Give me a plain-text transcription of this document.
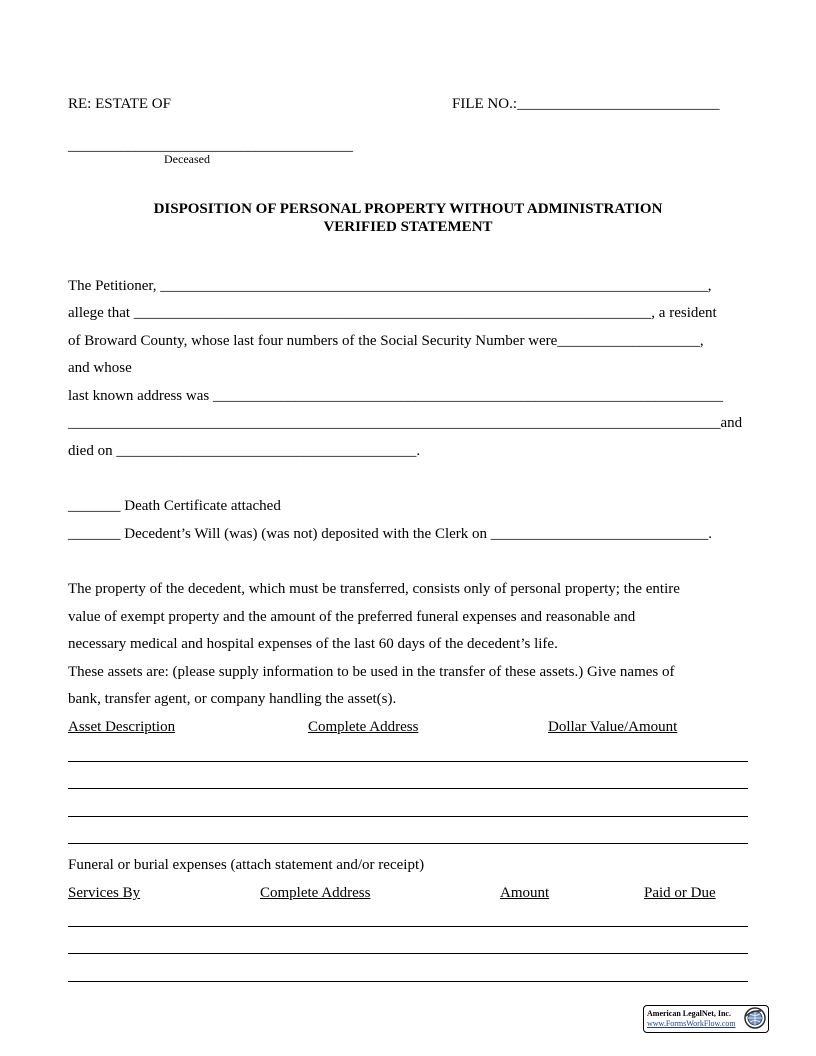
RE: ESTATE OF	FILE NO.:___________________________
______________________________________
Deceased
DISPOSITION OF PERSONAL PROPERTY WITHOUT ADMINISTRATION
VERIFIED STATEMENT
The Petitioner, _________________________________________________________________________,
allege that _____________________________________________________________________, a resident
of Broward County, whose last four numbers of the Social Security Number were___________________,
and whose
last known address was ____________________________________________________________________
_______________________________________________________________________________________and
died on ________________________________________.
_______ Death Certificate attached
_______ Decedent’s Will (was) (was not) deposited with the Clerk on _____________________________.
The property of the decedent, which must be transferred, consists only of personal property; the entire
value of exempt property and the amount of the preferred funeral expenses and reasonable and
necessary medical and hospital expenses of the last 60 days of the decedent’s life.
These assets are: (please supply information to be used in the transfer of these assets.) Give names of
bank, transfer agent, or company handling the asset(s).
Asset Description	Complete Address	Dollar Value/Amount
Funeral or burial expenses (attach statement and/or receipt)
Services By	Complete Address	Amount	Paid or Due
American LegalNet, Inc.
www.FormsWorkFlow.com
